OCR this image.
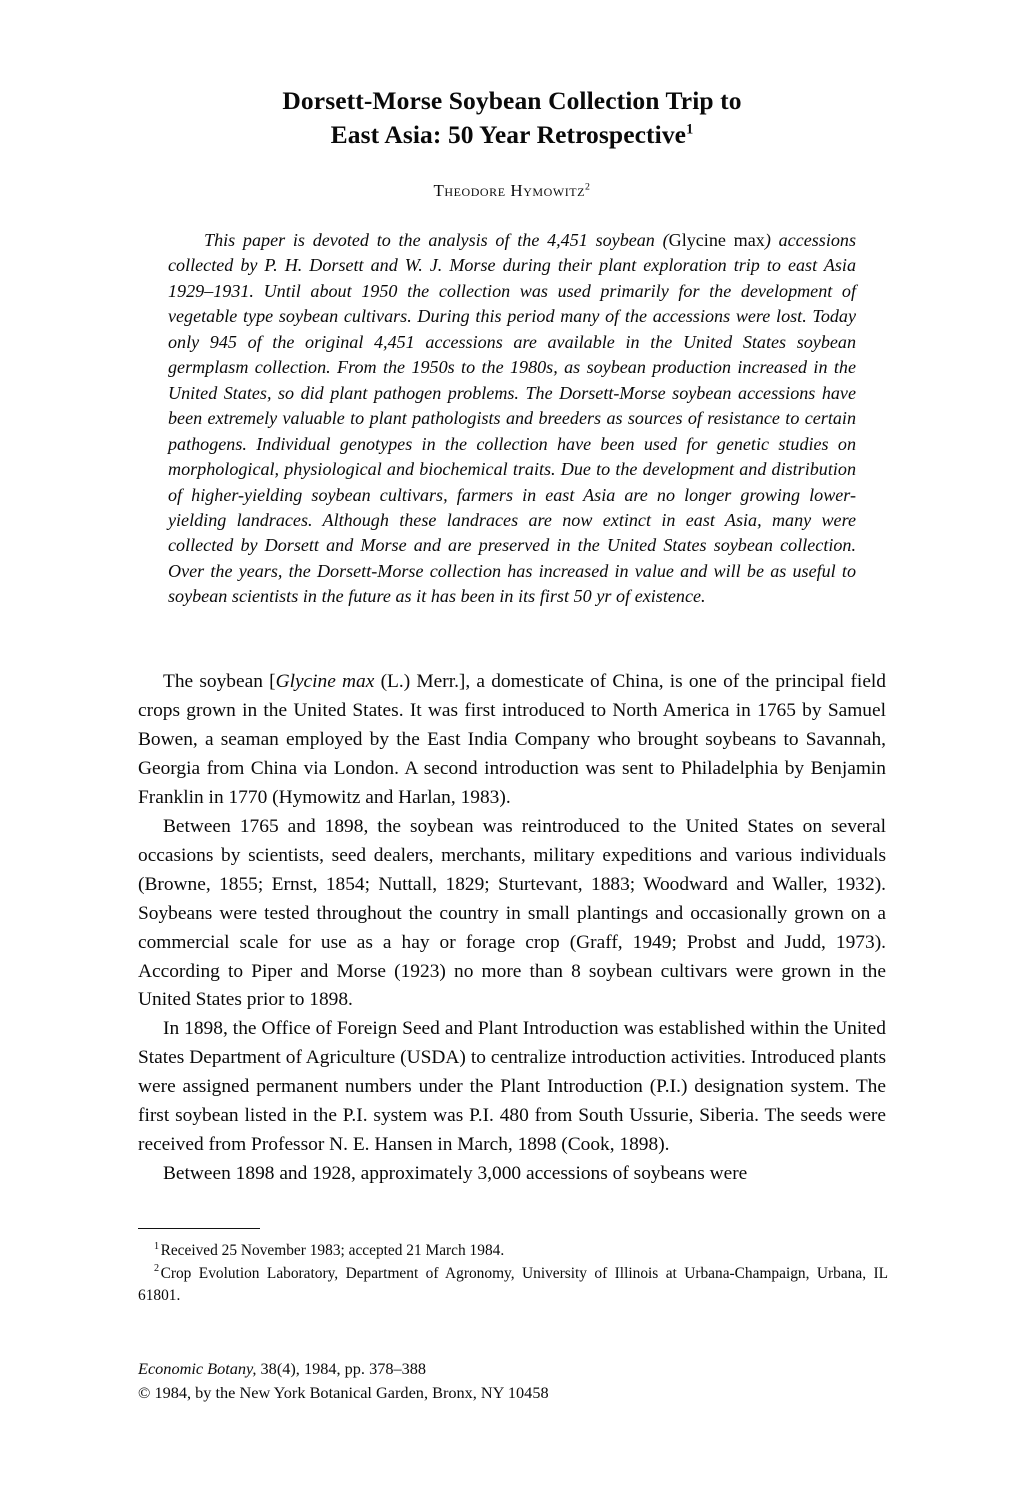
Dorsett-Morse Soybean Collection Trip to
East Asia: 50 Year Retrospective$^1$
Theodore Hymowitz$^2$
This paper is devoted to the analysis of the 4,451 soybean (Glycine max) accessions collected by P. H. Dorsett and W. J. Morse during their plant exploration trip to east Asia 1929–1931. Until about 1950 the collection was used primarily for the development of vegetable type soybean cultivars. During this period many of the accessions were lost. Today only 945 of the original 4,451 accessions are available in the United States soybean germplasm collection. From the 1950s to the 1980s, as soybean production increased in the United States, so did plant pathogen problems. The Dorsett-Morse soybean accessions have been extremely valuable to plant pathologists and breeders as sources of resistance to certain pathogens. Individual genotypes in the collection have been used for genetic studies on morphological, physiological and biochemical traits. Due to the development and distribution of higher-yielding soybean cultivars, farmers in east Asia are no longer growing lower-yielding landraces. Although these landraces are now extinct in east Asia, many were collected by Dorsett and Morse and are preserved in the United States soybean collection. Over the years, the Dorsett-Morse collection has increased in value and will be as useful to soybean scientists in the future as it has been in its first 50 yr of existence.

The soybean [Glycine max (L.) Merr.], a domesticate of China, is one of the principal field crops grown in the United States. It was first introduced to North America in 1765 by Samuel Bowen, a seaman employed by the East India Company who brought soybeans to Savannah, Georgia from China via London. A second introduction was sent to Philadelphia by Benjamin Franklin in 1770 (Hymowitz and Harlan, 1983).

Between 1765 and 1898, the soybean was reintroduced to the United States on several occasions by scientists, seed dealers, merchants, military expeditions and various individuals (Browne, 1855; Ernst, 1854; Nuttall, 1829; Sturtevant, 1883; Woodward and Waller, 1932). Soybeans were tested throughout the country in small plantings and occasionally grown on a commercial scale for use as a hay or forage crop (Graff, 1949; Probst and Judd, 1973). According to Piper and Morse (1923) no more than 8 soybean cultivars were grown in the United States prior to 1898.

In 1898, the Office of Foreign Seed and Plant Introduction was established within the United States Department of Agriculture (USDA) to centralize introduction activities. Introduced plants were assigned permanent numbers under the Plant Introduction (P.I.) designation system. The first soybean listed in the P.I. system was P.I. 480 from South Ussurie, Siberia. The seeds were received from Professor N. E. Hansen in March, 1898 (Cook, 1898).

Between 1898 and 1928, approximately 3,000 accessions of soybeans were

$^1$Received 25 November 1983; accepted 21 March 1984.

$^2$Crop Evolution Laboratory, Department of Agronomy, University of Illinois at Urbana-Champaign, Urbana, IL 61801.

Economic Botany, 38(4), 1984, pp. 378–388
© 1984, by the New York Botanical Garden, Bronx, NY 10458
